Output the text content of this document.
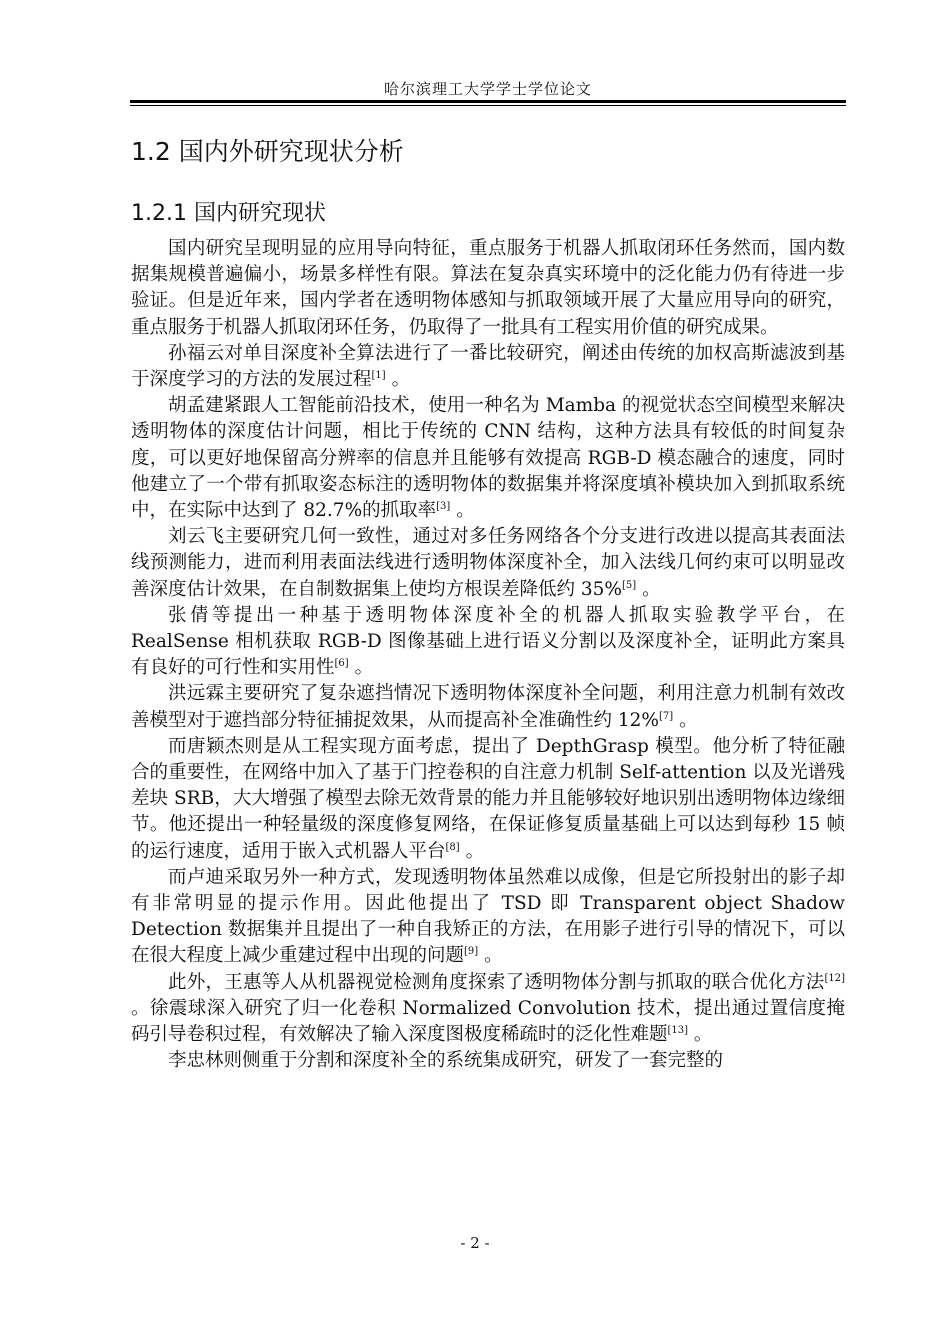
哈尔滨理工大学学士学位论文
1.2 国内外研究现状分析
1.2.1 国内研究现状

国内研究呈现明显的应用导向特征，重点服务于机器人抓取闭环任务然而，国内数据集规模普遍偏小，场景多样性有限。算法在复杂真实环境中的泛化能力仍有待进一步验证。但是近年来，国内学者在透明物体感知与抓取领域开展了大量应用导向的研究，重点服务于机器人抓取闭环任务，仍取得了一批具有工程实用价值的研究成果。

孙福云对单目深度补全算法进行了一番比较研究，阐述由传统的加权高斯滤波到基于深度学习的方法的发展过程[1] 。

胡孟建紧跟人工智能前沿技术，使用一种名为 Mamba 的视觉状态空间模型来解决透明物体的深度估计问题，相比于传统的 CNN 结构，这种方法具有较低的时间复杂度，可以更好地保留高分辨率的信息并且能够有效提高 RGB-D 模态融合的速度，同时他建立了一个带有抓取姿态标注的透明物体的数据集并将深度填补模块加入到抓取系统中，在实际中达到了 82.7%的抓取率[3] 。

刘云飞主要研究几何一致性，通过对多任务网络各个分支进行改进以提高其表面法线预测能力，进而利用表面法线进行透明物体深度补全，加入法线几何约束可以明显改善深度估计效果，在自制数据集上使均方根误差降低约 35%[5] 。

张倩等提出一种基于透明物体深度补全的机器人抓取实验教学平台，在 RealSense 相机获取 RGB-D 图像基础上进行语义分割以及深度补全，证明此方案具有良好的可行性和实用性[6] 。

洪远霖主要研究了复杂遮挡情况下透明物体深度补全问题，利用注意力机制有效改善模型对于遮挡部分特征捕捉效果，从而提高补全准确性约 12%[7] 。

而唐颖杰则是从工程实现方面考虑，提出了 DepthGrasp 模型。他分析了特征融合的重要性，在网络中加入了基于门控卷积的自注意力机制 Self-attention 以及光谱残差块 SRB，大大增强了模型去除无效背景的能力并且能够较好地识别出透明物体边缘细节。他还提出一种轻量级的深度修复网络，在保证修复质量基础上可以达到每秒 15 帧的运行速度，适用于嵌入式机器人平台[8] 。

而卢迪采取另外一种方式，发现透明物体虽然难以成像，但是它所投射出的影子却有非常明显的提示作用。因此他提出了 TSD 即 Transparent object Shadow Detection 数据集并且提出了一种自我矫正的方法，在用影子进行引导的情况下，可以在很大程度上减少重建过程中出现的问题[9] 。

此外，王惠等人从机器视觉检测角度探索了透明物体分割与抓取的联合优化方法[12] 。徐震球深入研究了归一化卷积 Normalized Convolution 技术，提出通过置信度掩码引导卷积过程，有效解决了输入深度图极度稀疏时的泛化性难题[13] 。

李忠林则侧重于分割和深度补全的系统集成研究，研发了一套完整的

- 2 -
